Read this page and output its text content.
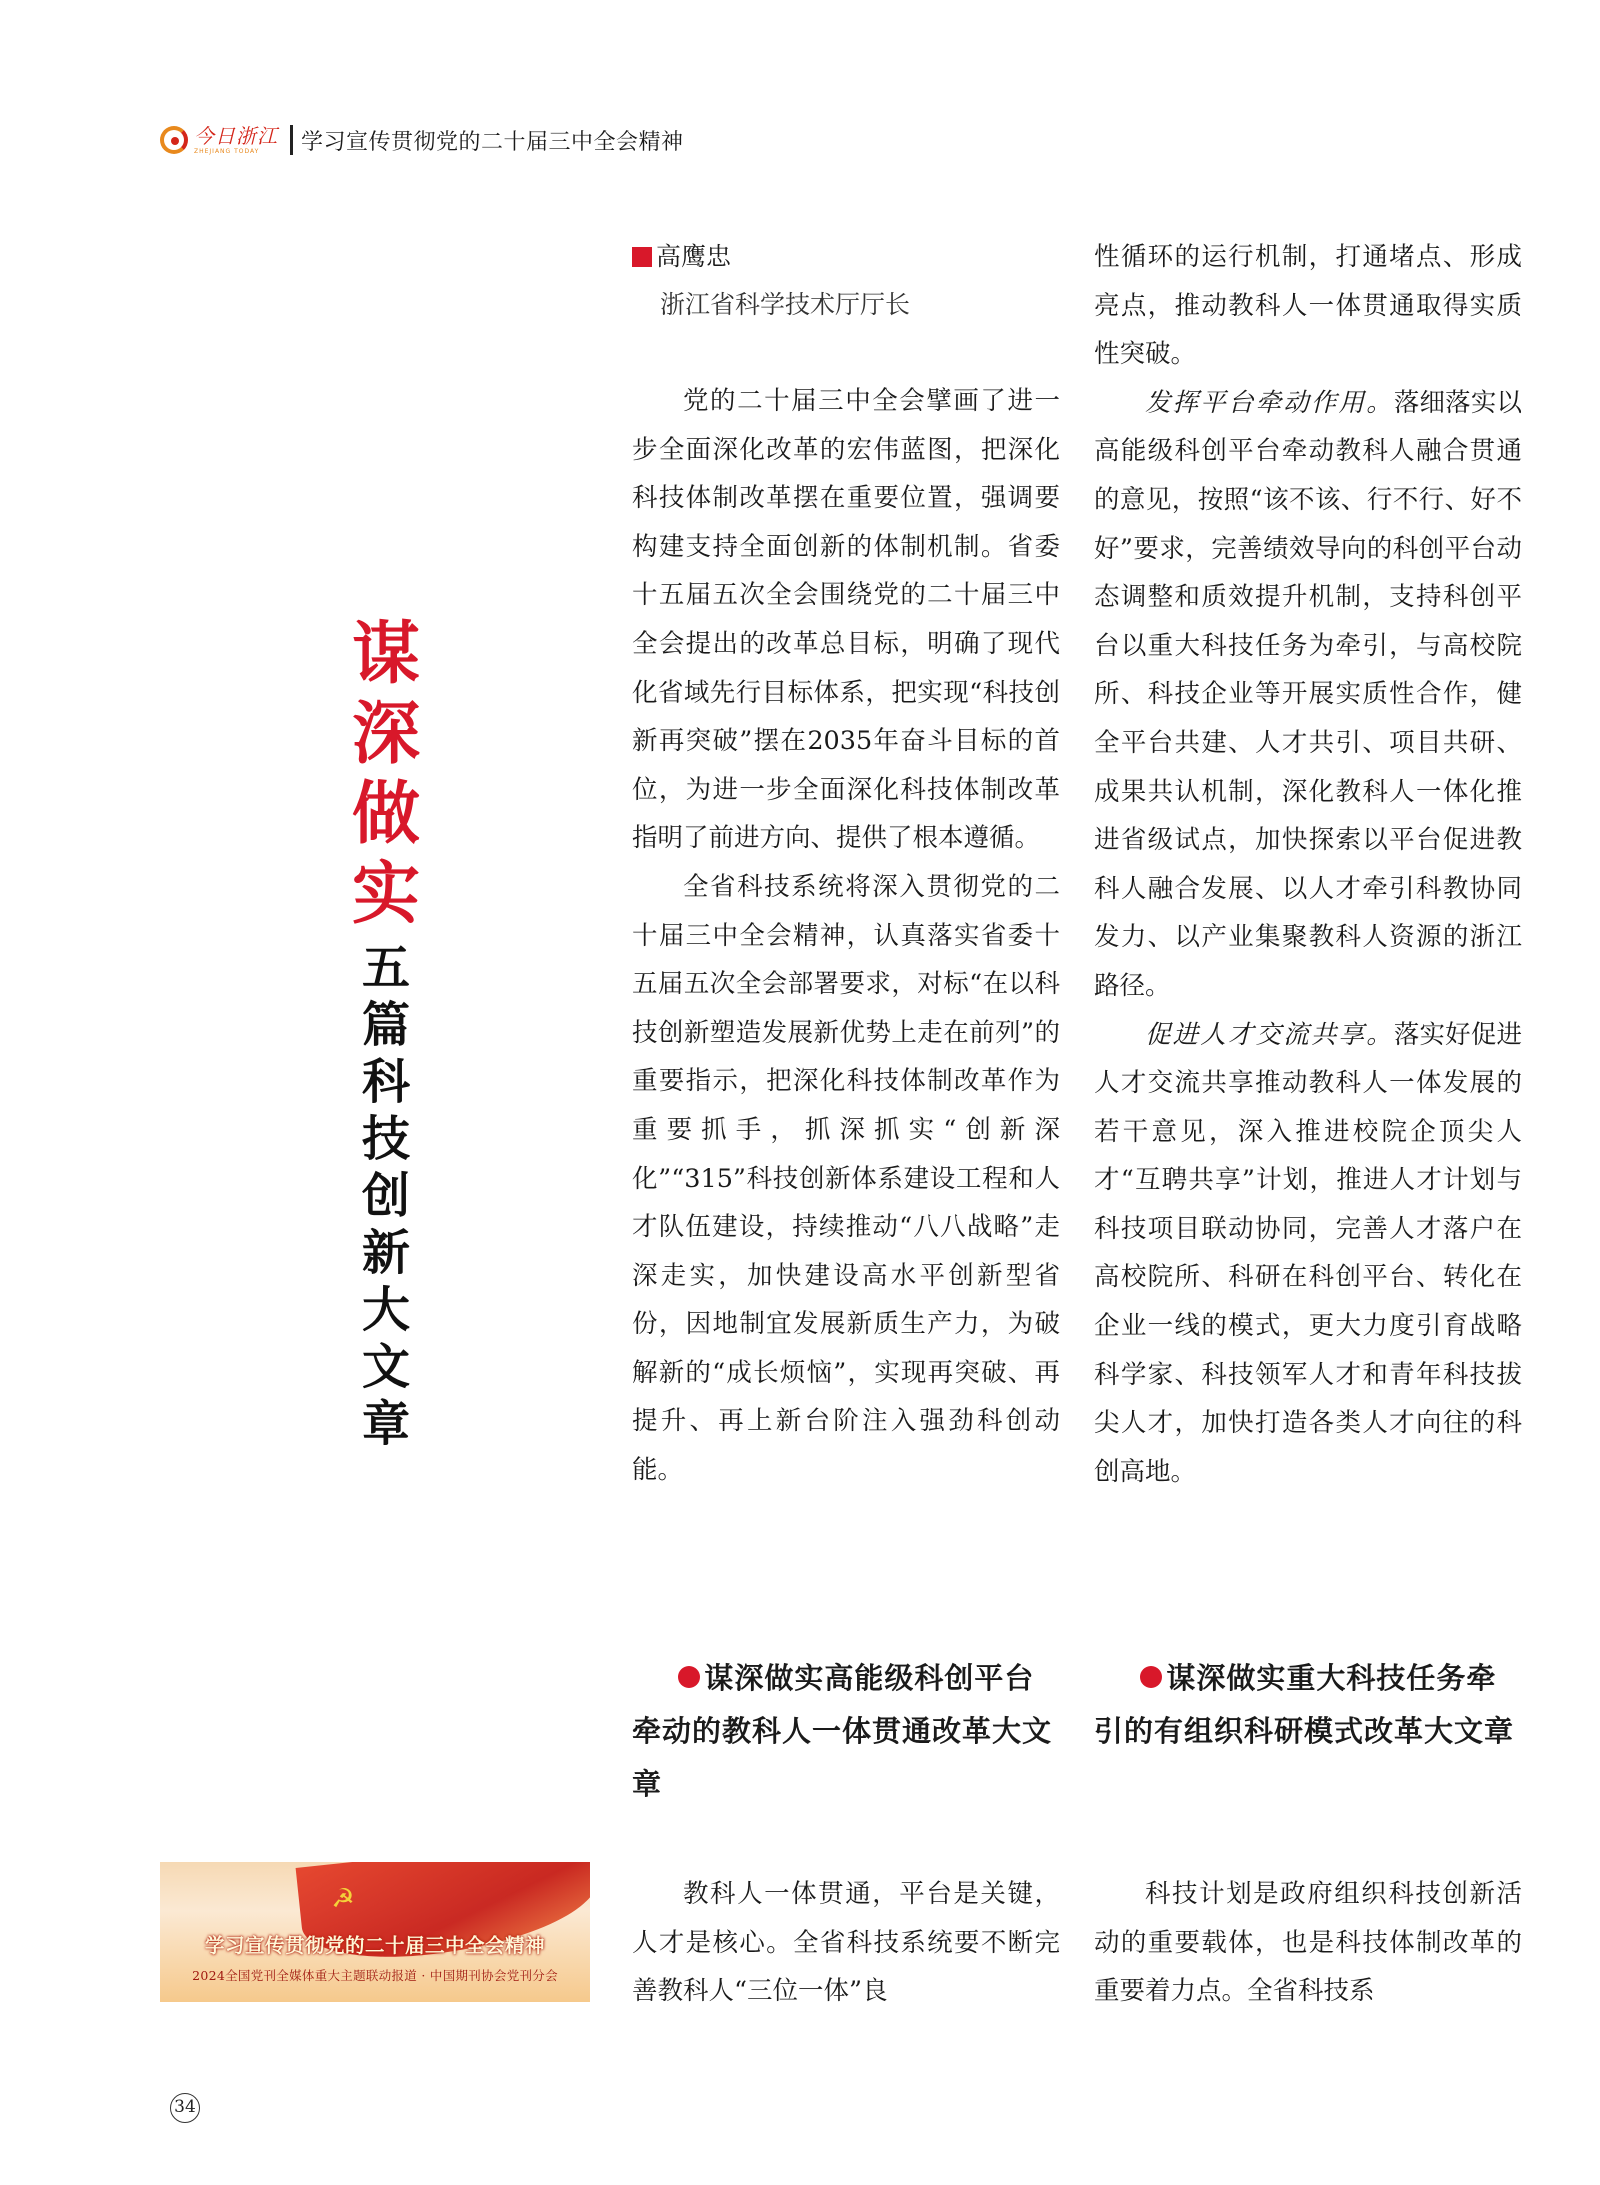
今日浙江
ZHEJIANG TODAY	学习宣传贯彻党的二十届三中全会精神
谋
深
做
实
五
篇
科
技
创
新
大
文
章

高鹰忠

浙江省科学技术厅厅长

党的二十届三中全会擘画了进一步全面深化改革的宏伟蓝图，把深化科技体制改革摆在重要位置，强调要构建支持全面创新的体制机制。省委十五届五次全会围绕党的二十届三中全会提出的改革总目标，明确了现代化省域先行目标体系，把实现“科技创新再突破”摆在2035年奋斗目标的首位，为进一步全面深化科技体制改革指明了前进方向、提供了根本遵循。

全省科技系统将深入贯彻党的二十届三中全会精神，认真落实省委十五届五次全会部署要求，对标“在以科技创新塑造发展新优势上走在前列”的重要指示，把深化科技体制改革作为重要抓手，抓深抓实“创新深化”“315”科技创新体系建设工程和人才队伍建设，持续推动“八八战略”走深走实，加快建设高水平创新型省份，因地制宜发展新质生产力，为破解新的“成长烦恼”，实现再突破、再提升、再上新台阶注入强劲科创动能。

性循环的运行机制，打通堵点、形成亮点，推动教科人一体贯通取得实质性突破。

发挥平台牵动作用。落细落实以高能级科创平台牵动教科人融合贯通的意见，按照“该不该、行不行、好不好”要求，完善绩效导向的科创平台动态调整和质效提升机制，支持科创平台以重大科技任务为牵引，与高校院所、科技企业等开展实质性合作，健全平台共建、人才共引、项目共研、成果共认机制，深化教科人一体化推进省级试点，加快探索以平台促进教科人融合发展、以人才牵引科教协同发力、以产业集聚教科人资源的浙江路径。

促进人才交流共享。落实好促进人才交流共享推动教科人一体发展的若干意见，深入推进校院企顶尖人才“互聘共享”计划，推进人才计划与科技项目联动协同，完善人才落户在高校院所、科研在科创平台、转化在企业一线的模式，更大力度引育战略科学家、科技领军人才和青年科技拔尖人才，加快打造各类人才向往的科创高地。

谋深做实高能级科创平台牵动的教科人一体贯通改革大文章
谋深做实重大科技任务牵引的有组织科研模式改革大文章

教科人一体贯通，平台是关键，人才是核心。全省科技系统要不断完善教科人“三位一体”良

科技计划是政府组织科技创新活动的重要载体，也是科技体制改革的重要着力点。全省科技系

☭
学习宣传贯彻党的二十届三中全会精神
2024全国党刊全媒体重大主题联动报道 · 中国期刊协会党刊分会
34
